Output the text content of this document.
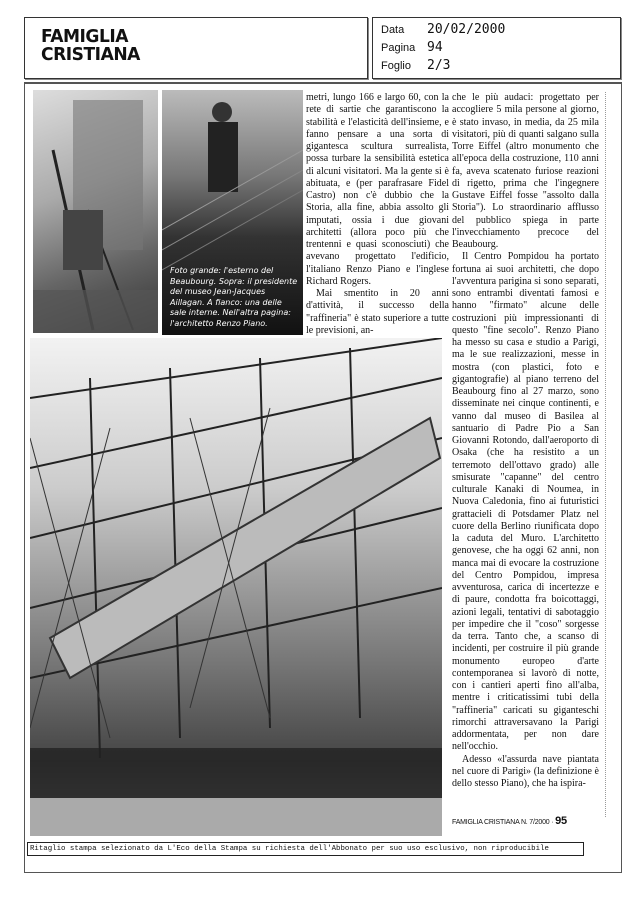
FAMIGLIA
CRISTIANA
Data 20/02/2000
Pagina 94
Foglio 2/3
Foto grande: l'esterno del Beaubourg. Sopra: il presidente del museo Jean-Jacques Aillagan. A fianco: una delle sale interne. Nell'altra pagina: l'architetto Renzo Piano.

metri, lungo 166 e largo 60, con la rete di sartie che garantiscono la stabilità e l'elasticità dell'insieme, e fanno pensare a una sorta di gigantesca scultura surrealista, possa turbare la sensibilità estetica di alcuni visitatori. Ma la gente si è abituata, e (per parafrasare Fidel Castro) non c'è dubbio che la Storia, alla fine, abbia assolto gli imputati, ossia i due giovani architetti (allora poco più che trentenni e quasi sconosciuti) che avevano progettato l'edificio, l'italiano Renzo Piano e l'inglese Richard Rogers.

Mai smentito in 20 anni d'attività, il successo della "raffineria" è stato superiore a tutte le previsioni, an-

che le più audaci: progettato per accogliere 5 mila persone al giorno, è stato invaso, in media, da 25 mila visitatori, più di quanti salgano sulla Torre Eiffel (altro monumento che all'epoca della costruzione, 110 anni fa, aveva scatenato furiose reazioni di rigetto, prima che l'ingegnere Gustave Eiffel fosse "assolto dalla Storia"). Lo straordinario afflusso del pubblico spiega in parte l'invecchiamento precoce del Beaubourg.

Il Centro Pompidou ha portato fortuna ai suoi architetti, che dopo l'avventura parigina si sono separati, sono entrambi diventati famosi e hanno "firmato" alcune delle costruzioni più impressionanti di questo "fine secolo". Renzo Piano ha messo su casa e studio a Parigi, ma le sue realizzazioni, messe in mostra (con plastici, foto e gigantografie) al piano terreno del Beaubourg fino al 27 marzo, sono disseminate nei cinque continenti, e vanno dal museo di Basilea al santuario di Padre Pio a San Giovanni Rotondo, dall'aeroporto di Osaka (che ha resistito a un terremoto dell'ottavo grado) alle smisurate "capanne" del centro culturale Kanaki di Noumea, in Nuova Caledonia, fino ai futuristici grattacieli di Potsdamer Platz nel cuore della Berlino riunificata dopo la caduta del Muro. L'architetto genovese, che ha oggi 62 anni, non manca mai di evocare la costruzione del Centro Pompidou, impresa avventurosa, carica di incertezze e di paure, condotta fra boicottaggi, azioni legali, tentativi di sabotaggio per impedire che il "coso" sorgesse da terra. Tanto che, a scanso di incidenti, per costruire il più grande monumento europeo d'arte contemporanea si lavorò di notte, con i cantieri aperti fino all'alba, mentre i criticatissimi tubi della "raffineria" caricati su giganteschi rimorchi attraversavano la Parigi addormentata, per non dare nell'occhio.

Adesso «l'assurda nave piantata nel cuore di Parigi» (la definizione è dello stesso Piano), che ha ispira-

FAMIGLIA CRISTIANA N. 7/2000 · 95
Ritaglio stampa selezionato da L'Eco della Stampa su richiesta dell'Abbonato per suo uso esclusivo, non riproducibile
